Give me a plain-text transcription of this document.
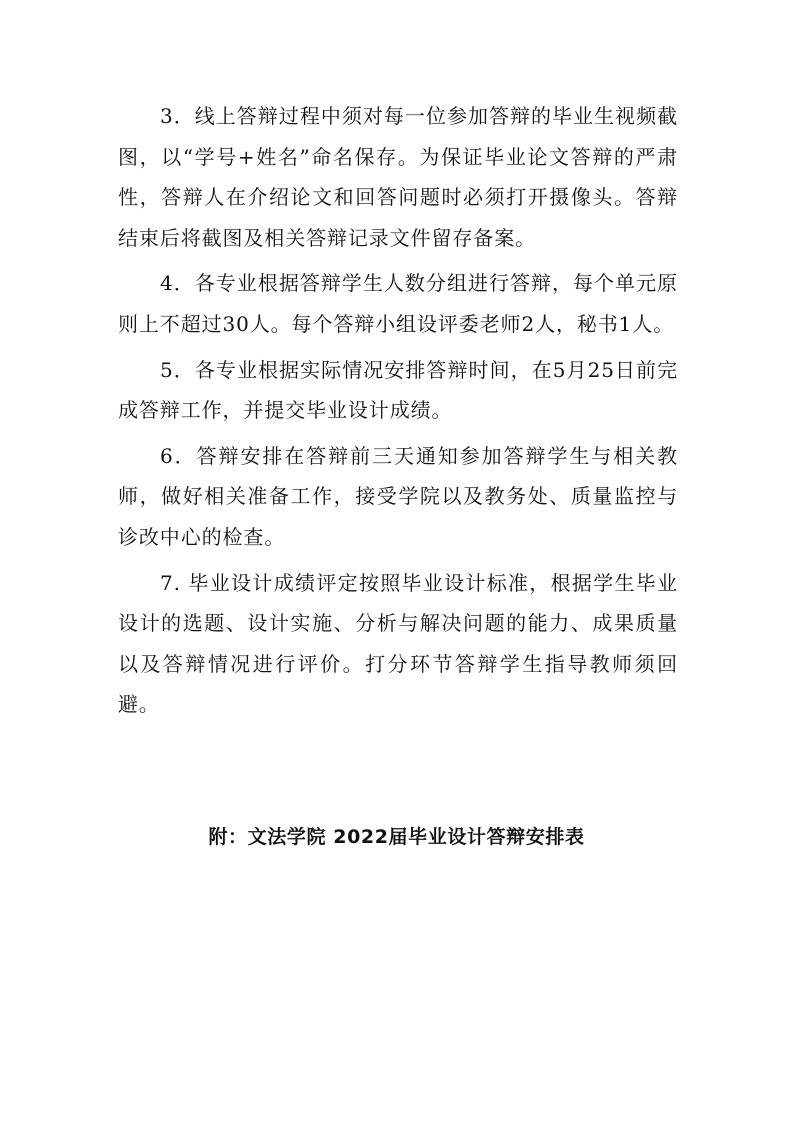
3．线上答辩过程中须对每一位参加答辩的毕业生视频截图，以“学号+姓名”命名保存。为保证毕业论文答辩的严肃性，答辩人在介绍论文和回答问题时必须打开摄像头。答辩结束后将截图及相关答辩记录文件留存备案。

4．各专业根据答辩学生人数分组进行答辩，每个单元原则上不超过30人。每个答辩小组设评委老师2人，秘书1人。

5．各专业根据实际情况安排答辩时间，在5月25日前完成答辩工作，并提交毕业设计成绩。

6．答辩安排在答辩前三天通知参加答辩学生与相关教师，做好相关准备工作，接受学院以及教务处、质量监控与诊改中心的检查。

7. 毕业设计成绩评定按照毕业设计标准，根据学生毕业设计的选题、设计实施、分析与解决问题的能力、成果质量以及答辩情况进行评价。打分环节答辩学生指导教师须回避。

附：文法学院 2022届毕业设计答辩安排表
